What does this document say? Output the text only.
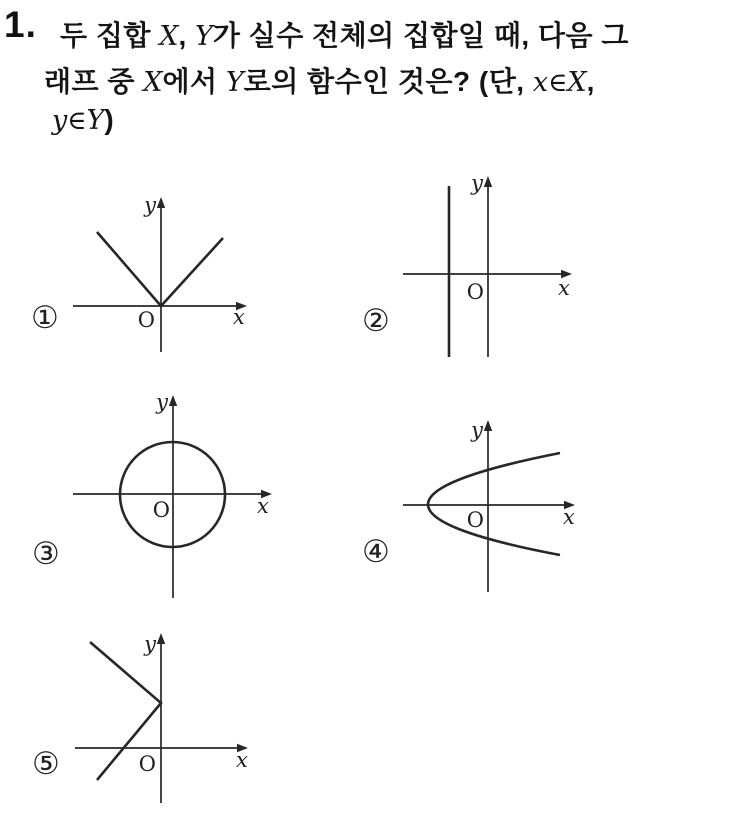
1. 두 집합 X, Y가 실수 전체의 집합일 때, 다음 그
래프 중 X에서 Y로의 함수인 것은? (단, x∈X,
y∈Y)
y
x
O
①
y
x
O
②
y
x
O
③
y
x
O
④
y
x
O
⑤
